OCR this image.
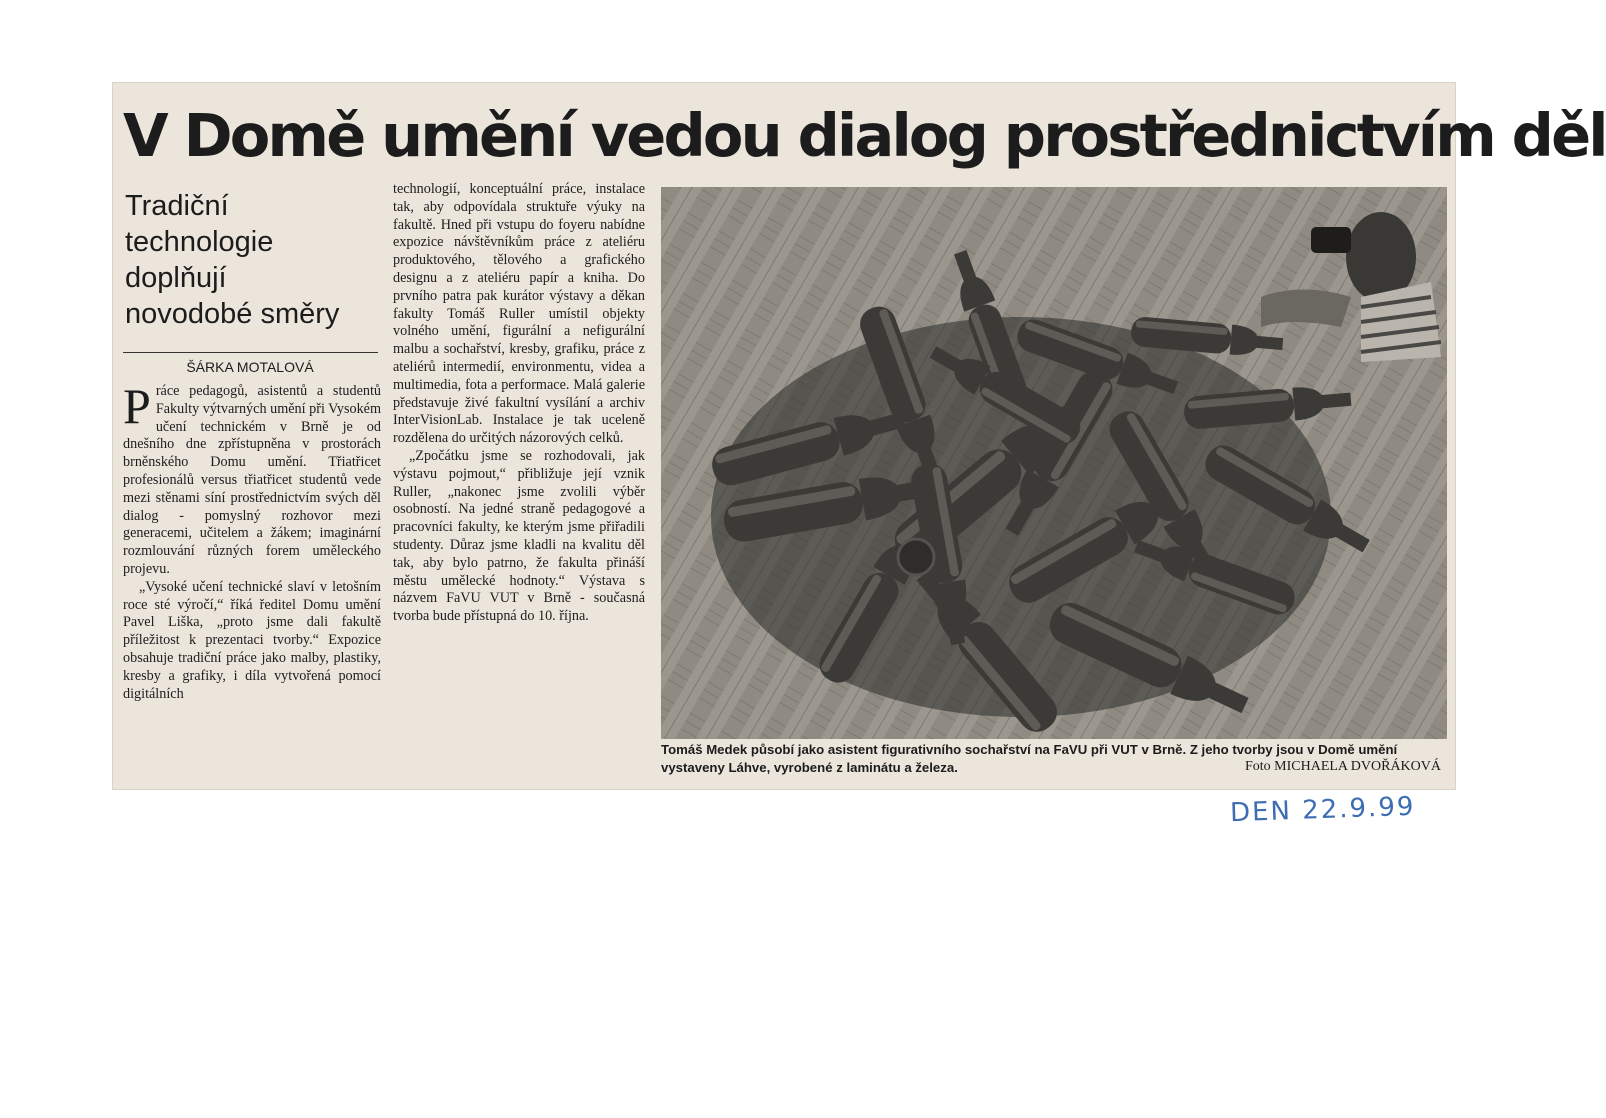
V Domě umění vedou dialog prostřednictvím děl
Tradiční
technologie
doplňují
novodobé směry
ŠÁRKA MOTALOVÁ

Práce pedagogů, asistentů a studentů Fakulty výtvarných umění při Vysokém učení technickém v Brně je od dnešního dne zpřístupněna v prostorách brněnského Domu umění. Třiatřicet profesionálů versus třiatřicet studentů vede mezi stěnami síní prostřednictvím svých děl dialog - pomyslný rozhovor mezi generacemi, učitelem a žákem; imaginární rozmlouvání různých forem uměleckého projevu.

„Vysoké učení technické slaví v letošním roce sté výročí,“ říká ředitel Domu umění Pavel Liška, „proto jsme dali fakultě příležitost k prezentaci tvorby.“ Expozice obsahuje tradiční práce jako malby, plastiky, kresby a grafiky, i díla vytvořená pomocí digitálních

technologií, konceptuální práce, instalace tak, aby odpovídala struktuře výuky na fakultě. Hned při vstupu do foyeru nabídne expozice návštěvníkům práce z ateliéru produktového, tělového a grafického designu a z ateliéru papír a kniha. Do prvního patra pak kurátor výstavy a děkan fakulty Tomáš Ruller umístil objekty volného umění, figurální a nefigurální malbu a sochařství, kresby, grafiku, práce z ateliérů intermedií, environmentu, videa a multimedia, fota a performace. Malá galerie představuje živé fakultní vysílání a archiv InterVisionLab. Instalace je tak uceleně rozdělena do určitých názorových celků.

„Zpočátku jsme se rozhodovali, jak výstavu pojmout,“ přibližuje její vznik Ruller, „nakonec jsme zvolili výběr osobností. Na jedné straně pedagogové a pracovníci fakulty, ke kterým jsme přiřadili studenty. Důraz jsme kladli na kvalitu děl tak, aby bylo patrno, že fakulta přináší městu umělecké hodnoty.“ Výstava s názvem FaVU VUT v Brně - současná tvorba bude přístupná do 10. října.

Tomáš Medek působí jako asistent figurativního sochařství na FaVU při VUT v Brně. Z jeho tvorby jsou v Domě umění vystaveny Láhve, vyrobené z laminátu a železa.	Foto MICHAELA DVOŘÁKOVÁ
DEN 22.9.99
